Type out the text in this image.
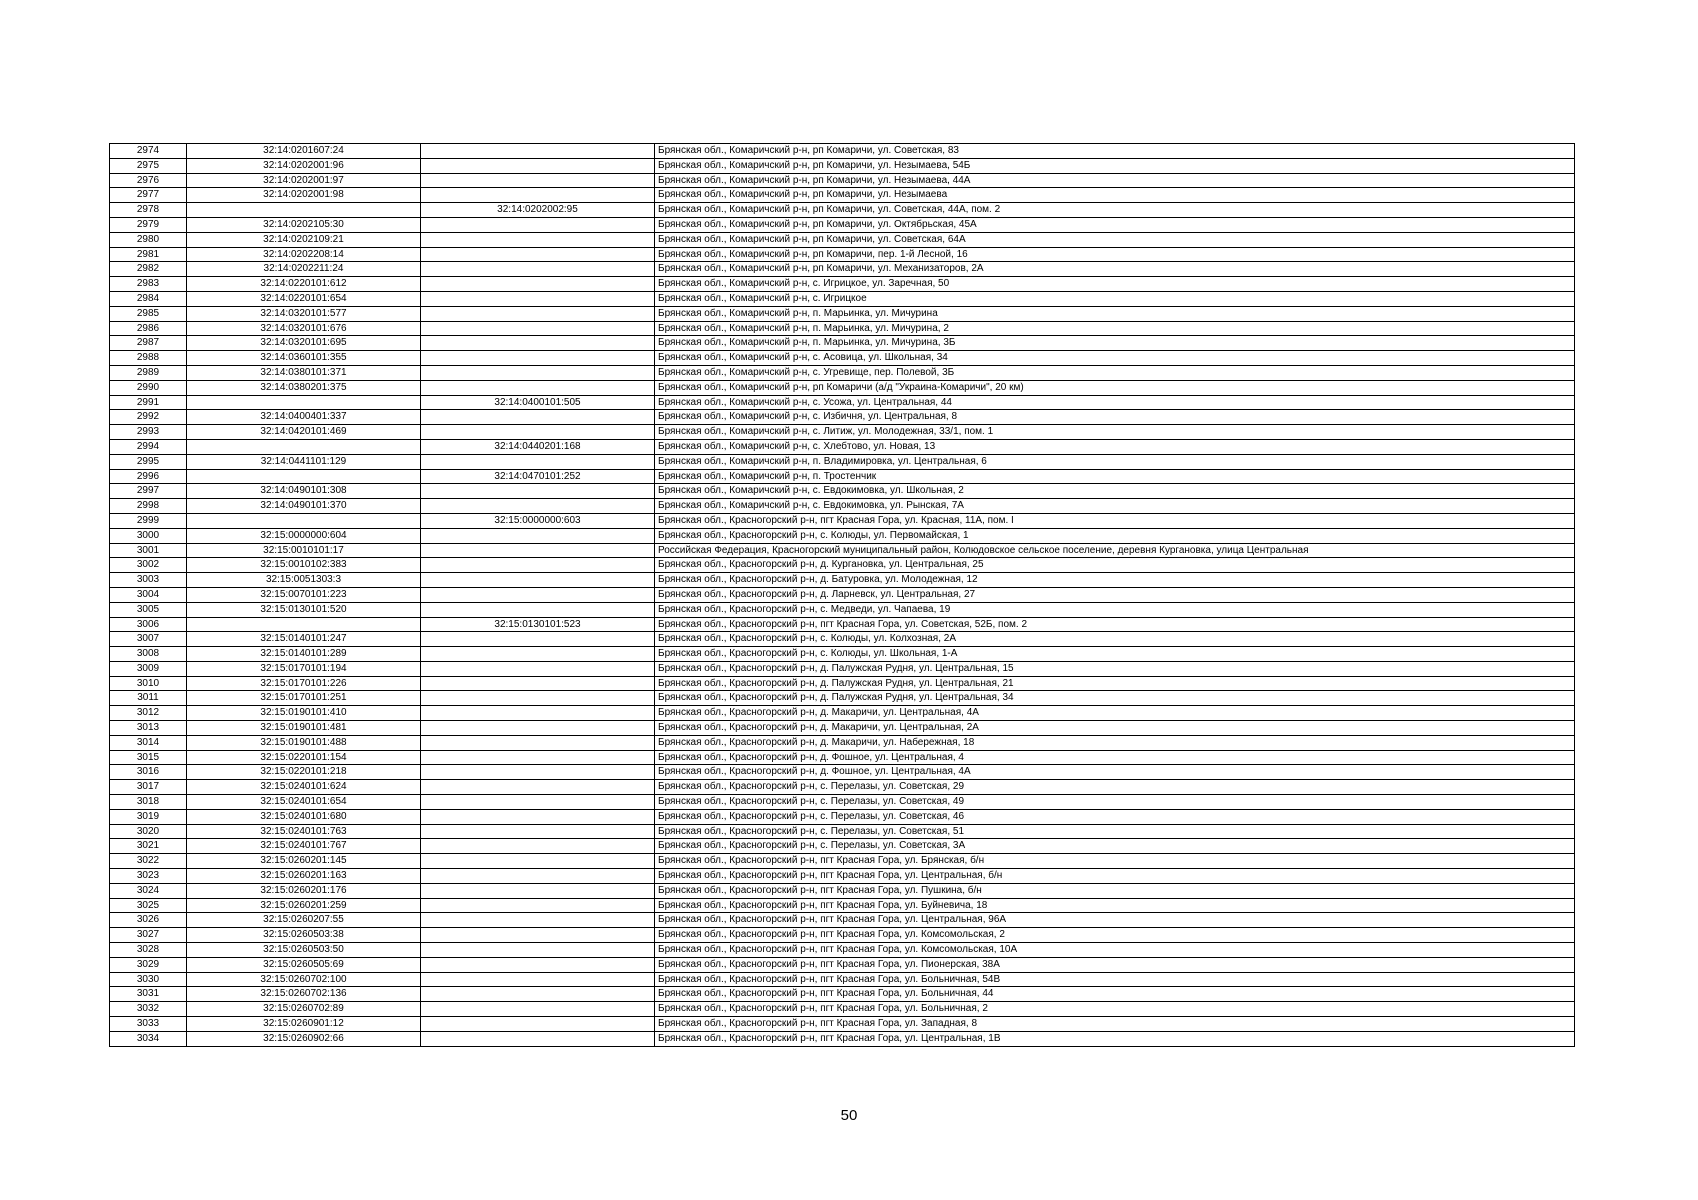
2974	32:14:0201607:24		Брянская обл., Комаричский р-н, рп Комаричи, ул. Советская, 83
2975	32:14:0202001:96		Брянская обл., Комаричский р-н, рп Комаричи, ул. Незымаева, 54Б
2976	32:14:0202001:97		Брянская обл., Комаричский р-н, рп Комаричи, ул. Незымаева, 44А
2977	32:14:0202001:98		Брянская обл., Комаричский р-н, рп Комаричи, ул. Незымаева
2978		32:14:0202002:95	Брянская обл., Комаричский р-н, рп Комаричи, ул. Советская, 44А, пом. 2
2979	32:14:0202105:30		Брянская обл., Комаричский р-н, рп Комаричи, ул. Октябрьская, 45А
2980	32:14:0202109:21		Брянская обл., Комаричский р-н, рп Комаричи, ул. Советская, 64А
2981	32:14:0202208:14		Брянская обл., Комаричский р-н, рп Комаричи, пер. 1-й Лесной, 16
2982	32:14:0202211:24		Брянская обл., Комаричский р-н, рп Комаричи, ул. Механизаторов, 2А
2983	32:14:0220101:612		Брянская обл., Комаричский р-н, с. Игрицкое, ул. Заречная, 50
2984	32:14:0220101:654		Брянская обл., Комаричский р-н, с. Игрицкое
2985	32:14:0320101:577		Брянская обл., Комаричский р-н, п. Марьинка, ул. Мичурина
2986	32:14:0320101:676		Брянская обл., Комаричский р-н, п. Марьинка, ул. Мичурина, 2
2987	32:14:0320101:695		Брянская обл., Комаричский р-н, п. Марьинка, ул. Мичурина, 3Б
2988	32:14:0360101:355		Брянская обл., Комаричский р-н, с. Асовица, ул. Школьная, 34
2989	32:14:0380101:371		Брянская обл., Комаричский р-н, с. Угревище, пер. Полевой, 3Б
2990	32:14:0380201:375		Брянская обл., Комаричский р-н, рп Комаричи (а/д "Украина-Комаричи", 20 км)
2991		32:14:0400101:505	Брянская обл., Комаричский р-н, с. Усожа, ул. Центральная, 44
2992	32:14:0400401:337		Брянская обл., Комаричский р-н, с. Избичня, ул. Центральная, 8
2993	32:14:0420101:469		Брянская обл., Комаричский р-н, с. Литиж, ул. Молодежная, 33/1, пом. 1
2994		32:14:0440201:168	Брянская обл., Комаричский р-н, с. Хлебтово, ул. Новая, 13
2995	32:14:0441101:129		Брянская обл., Комаричский р-н, п. Владимировка, ул. Центральная, 6
2996		32:14:0470101:252	Брянская обл., Комаричский р-н, п. Тростенчик
2997	32:14:0490101:308		Брянская обл., Комаричский р-н, с. Евдокимовка, ул. Школьная, 2
2998	32:14:0490101:370		Брянская обл., Комаричский р-н, с. Евдокимовка, ул. Рынская, 7А
2999		32:15:0000000:603	Брянская обл., Красногорский р-н, пгт Красная Гора, ул. Красная, 11А, пом. I
3000	32:15:0000000:604		Брянская обл., Красногорский р-н, с. Колюды, ул. Первомайская, 1
3001	32:15:0010101:17		Российская Федерация, Красногорский муниципальный район, Колюдовское сельское поселение, деревня Кургановка, улица Центральная
3002	32:15:0010102:383		Брянская обл., Красногорский р-н, д. Кургановка, ул. Центральная, 25
3003	32:15:0051303:3		Брянская обл., Красногорский р-н, д. Батуровка, ул. Молодежная, 12
3004	32:15:0070101:223		Брянская обл., Красногорский р-н, д. Ларневск, ул. Центральная, 27
3005	32:15:0130101:520		Брянская обл., Красногорский р-н, с. Медведи, ул. Чапаева, 19
3006		32:15:0130101:523	Брянская обл., Красногорский р-н, пгт Красная Гора, ул. Советская, 52Б, пом. 2
3007	32:15:0140101:247		Брянская обл., Красногорский р-н, с. Колюды, ул. Колхозная, 2А
3008	32:15:0140101:289		Брянская обл., Красногорский р-н, с. Колюды, ул. Школьная, 1-А
3009	32:15:0170101:194		Брянская обл., Красногорский р-н, д. Палужская Рудня, ул. Центральная, 15
3010	32:15:0170101:226		Брянская обл., Красногорский р-н, д. Палужская Рудня, ул. Центральная, 21
3011	32:15:0170101:251		Брянская обл., Красногорский р-н, д. Палужская Рудня, ул. Центральная, 34
3012	32:15:0190101:410		Брянская обл., Красногорский р-н, д. Макаричи, ул. Центральная, 4А
3013	32:15:0190101:481		Брянская обл., Красногорский р-н, д. Макаричи, ул. Центральная, 2А
3014	32:15:0190101:488		Брянская обл., Красногорский р-н, д. Макаричи, ул. Набережная, 18
3015	32:15:0220101:154		Брянская обл., Красногорский р-н, д. Фошное, ул. Центральная, 4
3016	32:15:0220101:218		Брянская обл., Красногорский р-н, д. Фошное, ул. Центральная, 4А
3017	32:15:0240101:624		Брянская обл., Красногорский р-н, с. Перелазы, ул. Советская, 29
3018	32:15:0240101:654		Брянская обл., Красногорский р-н, с. Перелазы, ул. Советская, 49
3019	32:15:0240101:680		Брянская обл., Красногорский р-н, с. Перелазы, ул. Советская, 46
3020	32:15:0240101:763		Брянская обл., Красногорский р-н, с. Перелазы, ул. Советская, 51
3021	32:15:0240101:767		Брянская обл., Красногорский р-н, с. Перелазы, ул. Советская, 3А
3022	32:15:0260201:145		Брянская обл., Красногорский р-н, пгт Красная Гора, ул. Брянская, б/н
3023	32:15:0260201:163		Брянская обл., Красногорский р-н, пгт Красная Гора, ул. Центральная, б/н
3024	32:15:0260201:176		Брянская обл., Красногорский р-н, пгт Красная Гора, ул. Пушкина, б/н
3025	32:15:0260201:259		Брянская обл., Красногорский р-н, пгт Красная Гора, ул. Буйневича, 18
3026	32:15:0260207:55		Брянская обл., Красногорский р-н, пгт Красная Гора, ул. Центральная, 96А
3027	32:15:0260503:38		Брянская обл., Красногорский р-н, пгт Красная Гора, ул. Комсомольская, 2
3028	32:15:0260503:50		Брянская обл., Красногорский р-н, пгт Красная Гора, ул. Комсомольская, 10А
3029	32:15:0260505:69		Брянская обл., Красногорский р-н, пгт Красная Гора, ул. Пионерская, 38А
3030	32:15:0260702:100		Брянская обл., Красногорский р-н, пгт Красная Гора, ул. Больничная, 54В
3031	32:15:0260702:136		Брянская обл., Красногорский р-н, пгт Красная Гора, ул. Больничная, 44
3032	32:15:0260702:89		Брянская обл., Красногорский р-н, пгт Красная Гора, ул. Больничная, 2
3033	32:15:0260901:12		Брянская обл., Красногорский р-н, пгт Красная Гора, ул. Западная, 8
3034	32:15:0260902:66		Брянская обл., Красногорский р-н, пгт Красная Гора, ул. Центральная, 1В
50
